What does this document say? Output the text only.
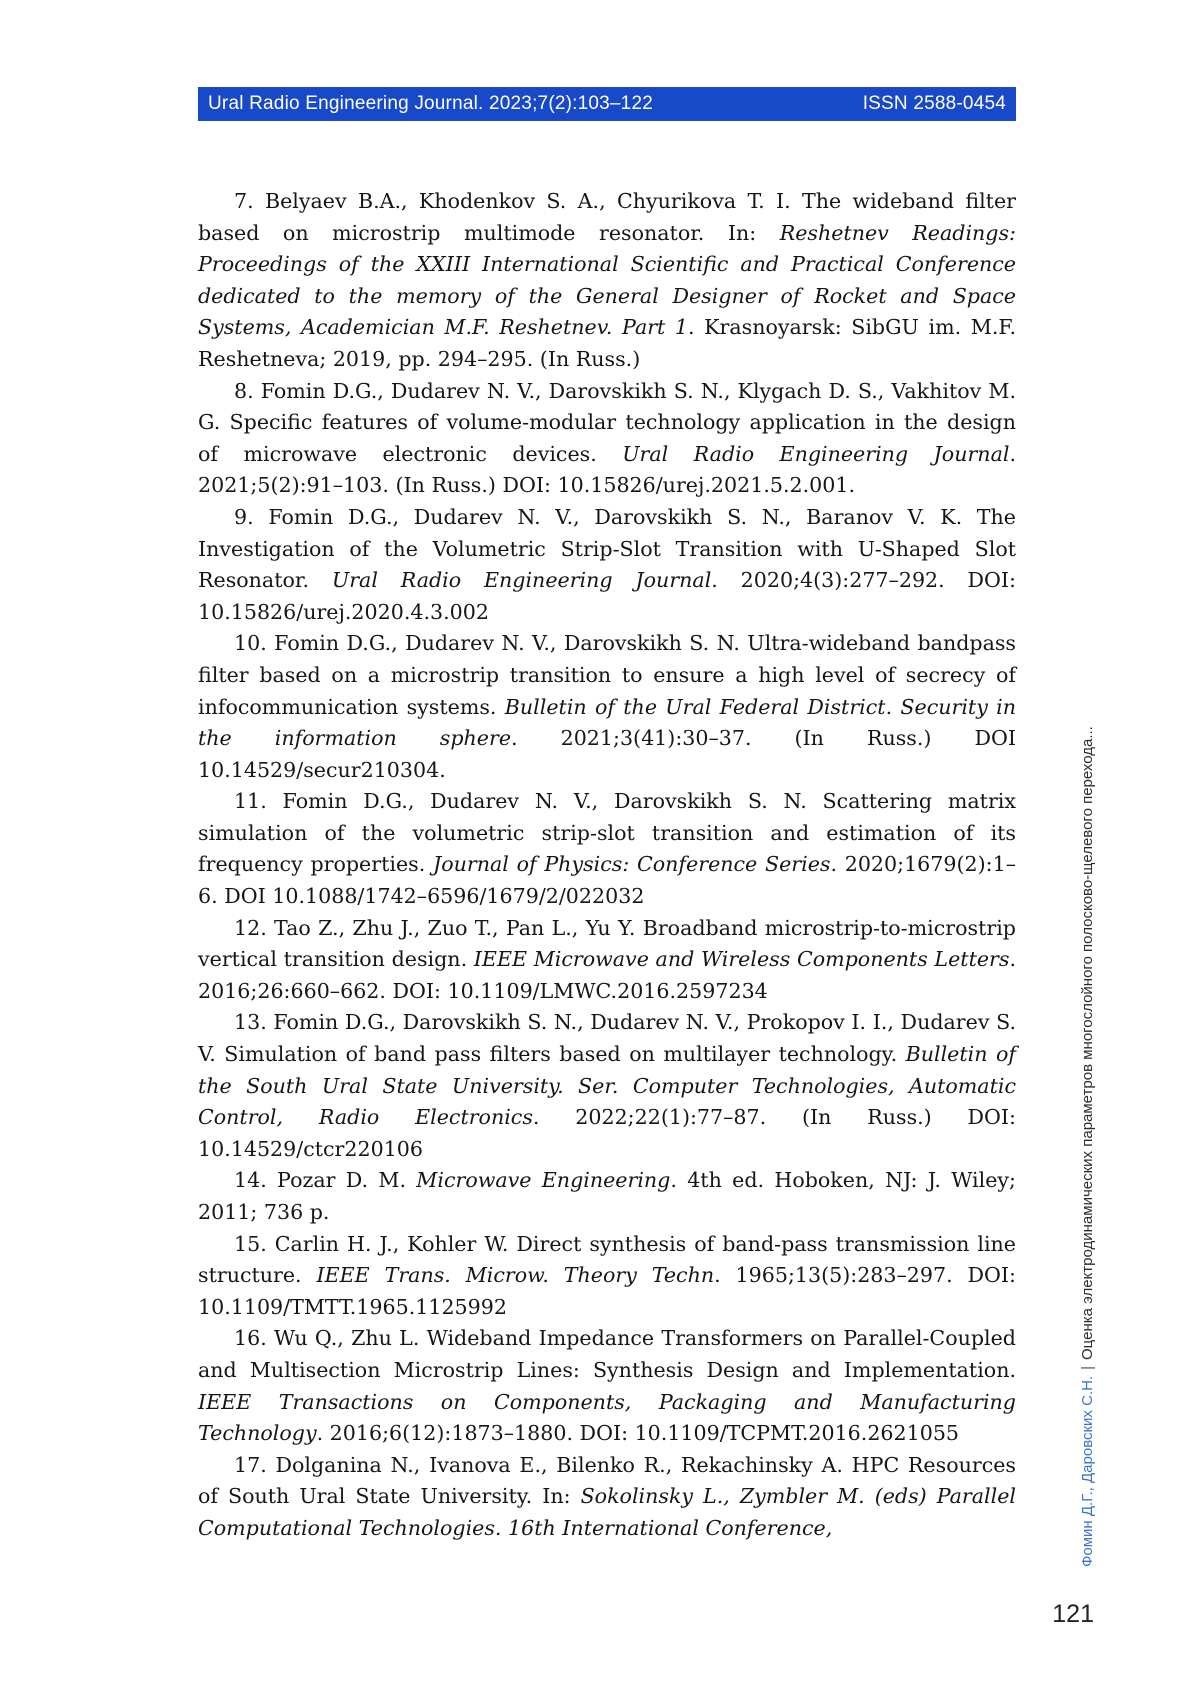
Ural Radio Engineering Journal. 2023;7(2):103–122	ISSN 2588-0454

7. Belyaev B.A., Khodenkov S. A., Chyurikova T. I. The wideband filter based on microstrip multimode resonator. In: Reshetnev Readings: Proceedings of the XXIII International Scientific and Practical Conference dedicated to the memory of the General Designer of Rocket and Space Systems, Academician M.F. Reshetnev. Part 1. Krasnoyarsk: SibGU im. M.F. Reshetneva; 2019, pp. 294–295. (In Russ.)

8. Fomin D.G., Dudarev N. V., Darovskikh S. N., Klygach D. S., Vakhitov M. G. Specific features of volume-modular technology application in the design of microwave electronic devices. Ural Radio Engineering Journal. 2021;5(2):91–103. (In Russ.) DOI: 10.15826/urej.2021.5.2.001.

9. Fomin D.G., Dudarev N. V., Darovskikh S. N., Baranov V. K. The Investigation of the Volumetric Strip-Slot Transition with U-Shaped Slot Resonator. Ural Radio Engineering Journal. 2020;4(3):277–292. DOI: 10.15826/urej.2020.4.3.002

10. Fomin D.G., Dudarev N. V., Darovskikh S. N. Ultra-wideband bandpass filter based on a microstrip transition to ensure a high level of secrecy of infocommunication systems. Bulletin of the Ural Federal District. Security in the information sphere. 2021;3(41):30–37. (In Russ.) DOI 10.14529/secur210304.

11. Fomin D.G., Dudarev N. V., Darovskikh S. N. Scattering matrix simulation of the volumetric strip-slot transition and estimation of its frequency properties. Journal of Physics: Conference Series. 2020;1679(2):1–6. DOI 10.1088/1742–6596/1679/2/022032

12. Tao Z., Zhu J., Zuo T., Pan L., Yu Y. Broadband microstrip-to-microstrip vertical transition design. IEEE Microwave and Wireless Components Letters. 2016;26:660–662. DOI: 10.1109/LMWC.2016.2597234

13. Fomin D.G., Darovskikh S. N., Dudarev N. V., Prokopov I. I., Dudarev S. V. Simulation of band pass filters based on multilayer technology. Bulletin of the South Ural State University. Ser. Computer Technologies, Automatic Control, Radio Electronics. 2022;22(1):77–87. (In Russ.) DOI: 10.14529/ctcr220106

14. Pozar D. M. Microwave Engineering. 4th ed. Hoboken, NJ: J. Wiley; 2011; 736 p.

15. Carlin H. J., Kohler W. Direct synthesis of band-pass transmission line structure. IEEE Trans. Microw. Theory Techn. 1965;13(5):283–297. DOI: 10.1109/TMTT.1965.1125992

16. Wu Q., Zhu L. Wideband Impedance Transformers on Parallel-Coupled and Multisection Microstrip Lines: Synthesis Design and Implementation. IEEE Transactions on Components, Packaging and Manufacturing Technology. 2016;6(12):1873–1880. DOI: 10.1109/TCPMT.2016.2621055

17. Dolganina N., Ivanova E., Bilenko R., Rekachinsky A. HPC Resources of South Ural State University. In: Sokolinsky L., Zymbler M. (eds) Parallel Computational Technologies. 16th International Conference,	Фомин Д.Г., Даровских С.Н.|Оценка электродинамических параметров многослойного полосково-щелевого перехода...
121
